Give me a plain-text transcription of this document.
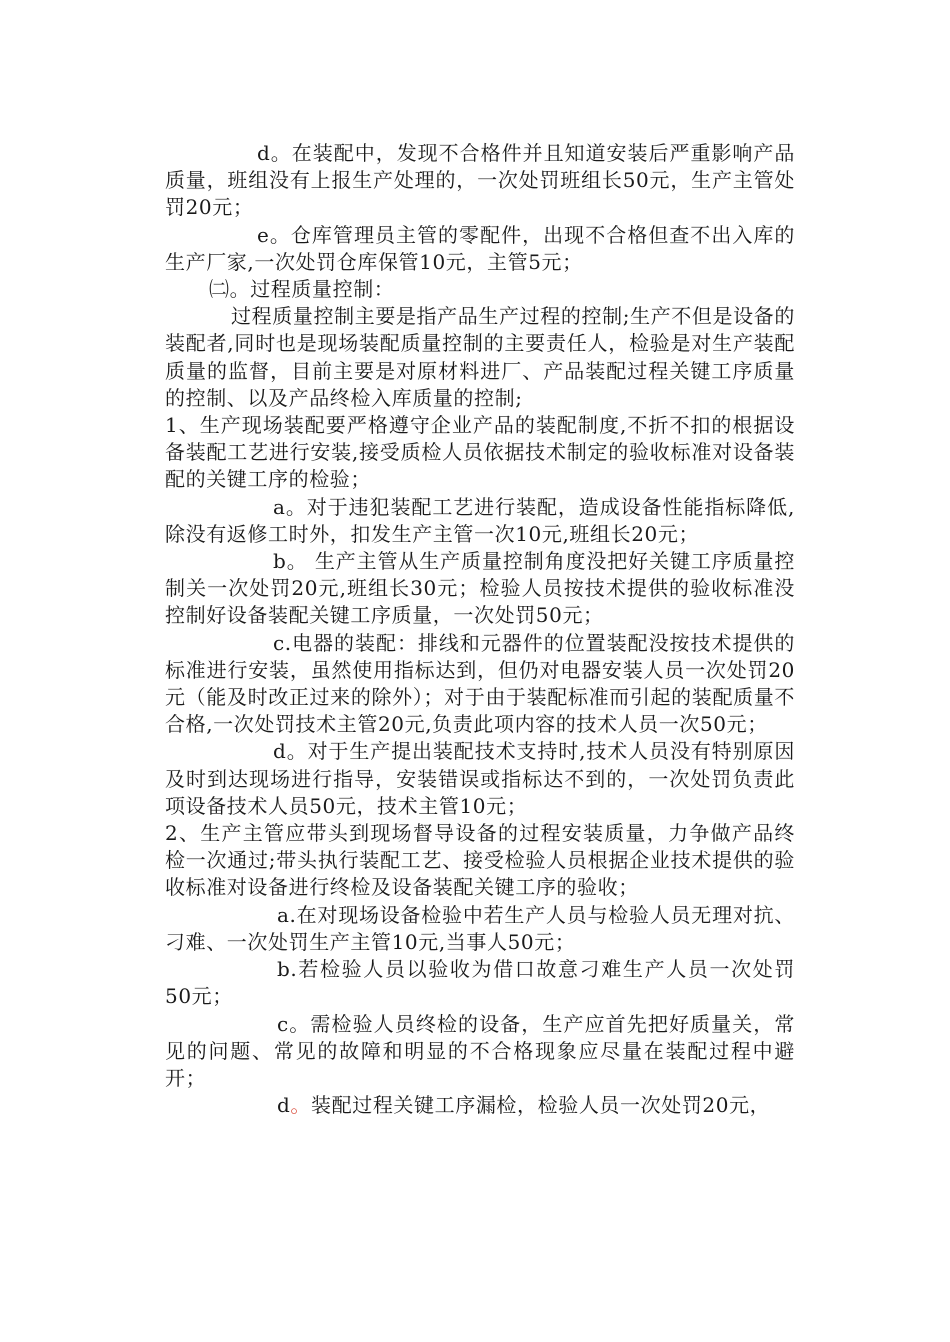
d。在装配中，发现不合格件并且知道安装后严重影响产品质量，班组没有上报生产处理的，一次处罚班组长50元，生产主管处罚20元；

e。仓库管理员主管的零配件，出现不合格但查不出入库的生产厂家,一次处罚仓库保管10元，主管5元；

㈡。过程质量控制：

过程质量控制主要是指产品生产过程的控制;生产不但是设备的装配者,同时也是现场装配质量控制的主要责任人，检验是对生产装配质量的监督，目前主要是对原材料进厂、产品装配过程关键工序质量的控制、以及产品终检入库质量的控制;

1、生产现场装配要严格遵守企业产品的装配制度,不折不扣的根据设备装配工艺进行安装,接受质检人员依据技术制定的验收标准对设备装配的关键工序的检验；

a。对于违犯装配工艺进行装配，造成设备性能指标降低,除没有返修工时外，扣发生产主管一次10元,班组长20元；

b。 生产主管从生产质量控制角度没把好关键工序质量控制关一次处罚20元,班组长30元；检验人员按技术提供的验收标准没控制好设备装配关键工序质量，一次处罚50元；

c.电器的装配：排线和元器件的位置装配没按技术提供的标准进行安装，虽然使用指标达到，但仍对电器安装人员一次处罚20元（能及时改正过来的除外）；对于由于装配标准而引起的装配质量不合格,一次处罚技术主管20元,负责此项内容的技术人员一次50元；

d。对于生产提出装配技术支持时,技术人员没有特别原因及时到达现场进行指导，安装错误或指标达不到的，一次处罚负责此项设备技术人员50元，技术主管10元；

2、生产主管应带头到现场督导设备的过程安装质量，力争做产品终检一次通过;带头执行装配工艺、接受检验人员根据企业技术提供的验收标准对设备进行终检及设备装配关键工序的验收；

a.在对现场设备检验中若生产人员与检验人员无理对抗、刁难、一次处罚生产主管10元,当事人50元；

b.若检验人员以验收为借口故意刁难生产人员一次处罚50元；

c。需检验人员终检的设备，生产应首先把好质量关，常见的问题、常见的故障和明显的不合格现象应尽量在装配过程中避开；

d。装配过程关键工序漏检，检验人员一次处罚20元，
